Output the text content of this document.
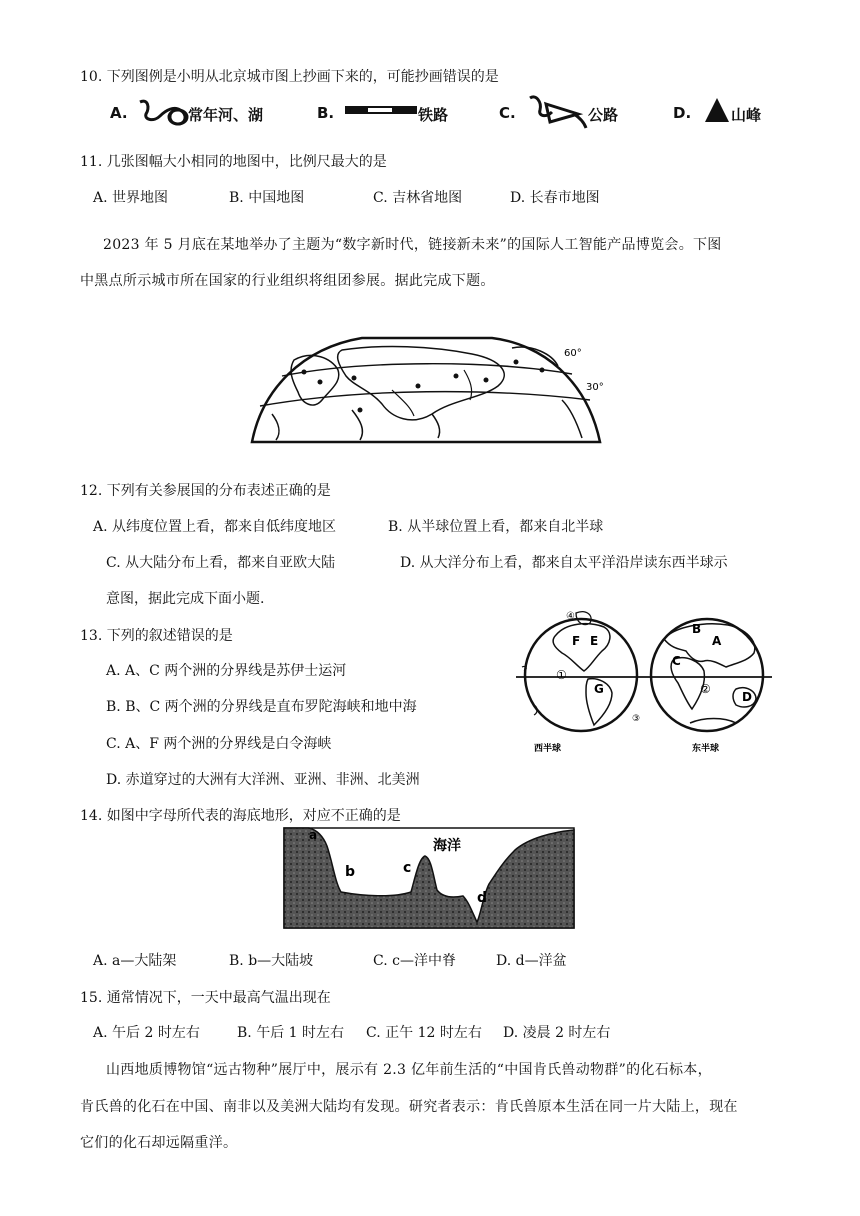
10. 下列图例是小明从北京城市图上抄画下来的，可能抄画错误的是
A.	常年河、湖	B.	铁路	C.	公路	D.	山峰
11. 几张图幅大小相同的地图中，比例尺最大的是
A. 世界地图	B. 中国地图	C. 吉林省地图	D. 长春市地图
2023 年 5 月底在某地举办了主题为“数字新时代，链接新未来”的国际人工智能产品博览会。下图
中黑点所示城市所在国家的行业组织将组团参展。据此完成下题。
60°
30°
12. 下列有关参展国的分布表述正确的是
A. 从纬度位置上看，都来自低纬度地区	B. 从半球位置上看，都来自北半球
C. 从大陆分布上看，都来自亚欧大陆	D. 从大洋分布上看，都来自太平洋沿岸读东西半球示
意图，据此完成下面小题.
13. 下列的叙述错误的是
A. A、C 两个洲的分界线是苏伊士运河
B. B、C 两个洲的分界线是直布罗陀海峡和地中海
C. A、F 两个洲的分界线是白令海峡
D. 赤道穿过的大洲有大洋洲、亚洲、非洲、北美洲
F E
G
①
④
A
C
B
D
②
③
西半球	东半球
14. 如图中字母所代表的海底地形，对应不正确的是
海洋
a
b	c
d
A. a—大陆架	B. b—大陆坡	C. c—洋中脊	D. d—洋盆
15. 通常情况下，一天中最高气温出现在
A. 午后 2 时左右	B. 午后 1 时左右 C. 正午 12 时左右 D. 凌晨 2 时左右
山西地质博物馆“远古物种”展厅中，展示有 2.3 亿年前生活的“中国肯氏兽动物群”的化石标本，
肯氏兽的化石在中国、南非以及美洲大陆均有发现。研究者表示：肯氏兽原本生活在同一片大陆上，现在
它们的化石却远隔重洋。
